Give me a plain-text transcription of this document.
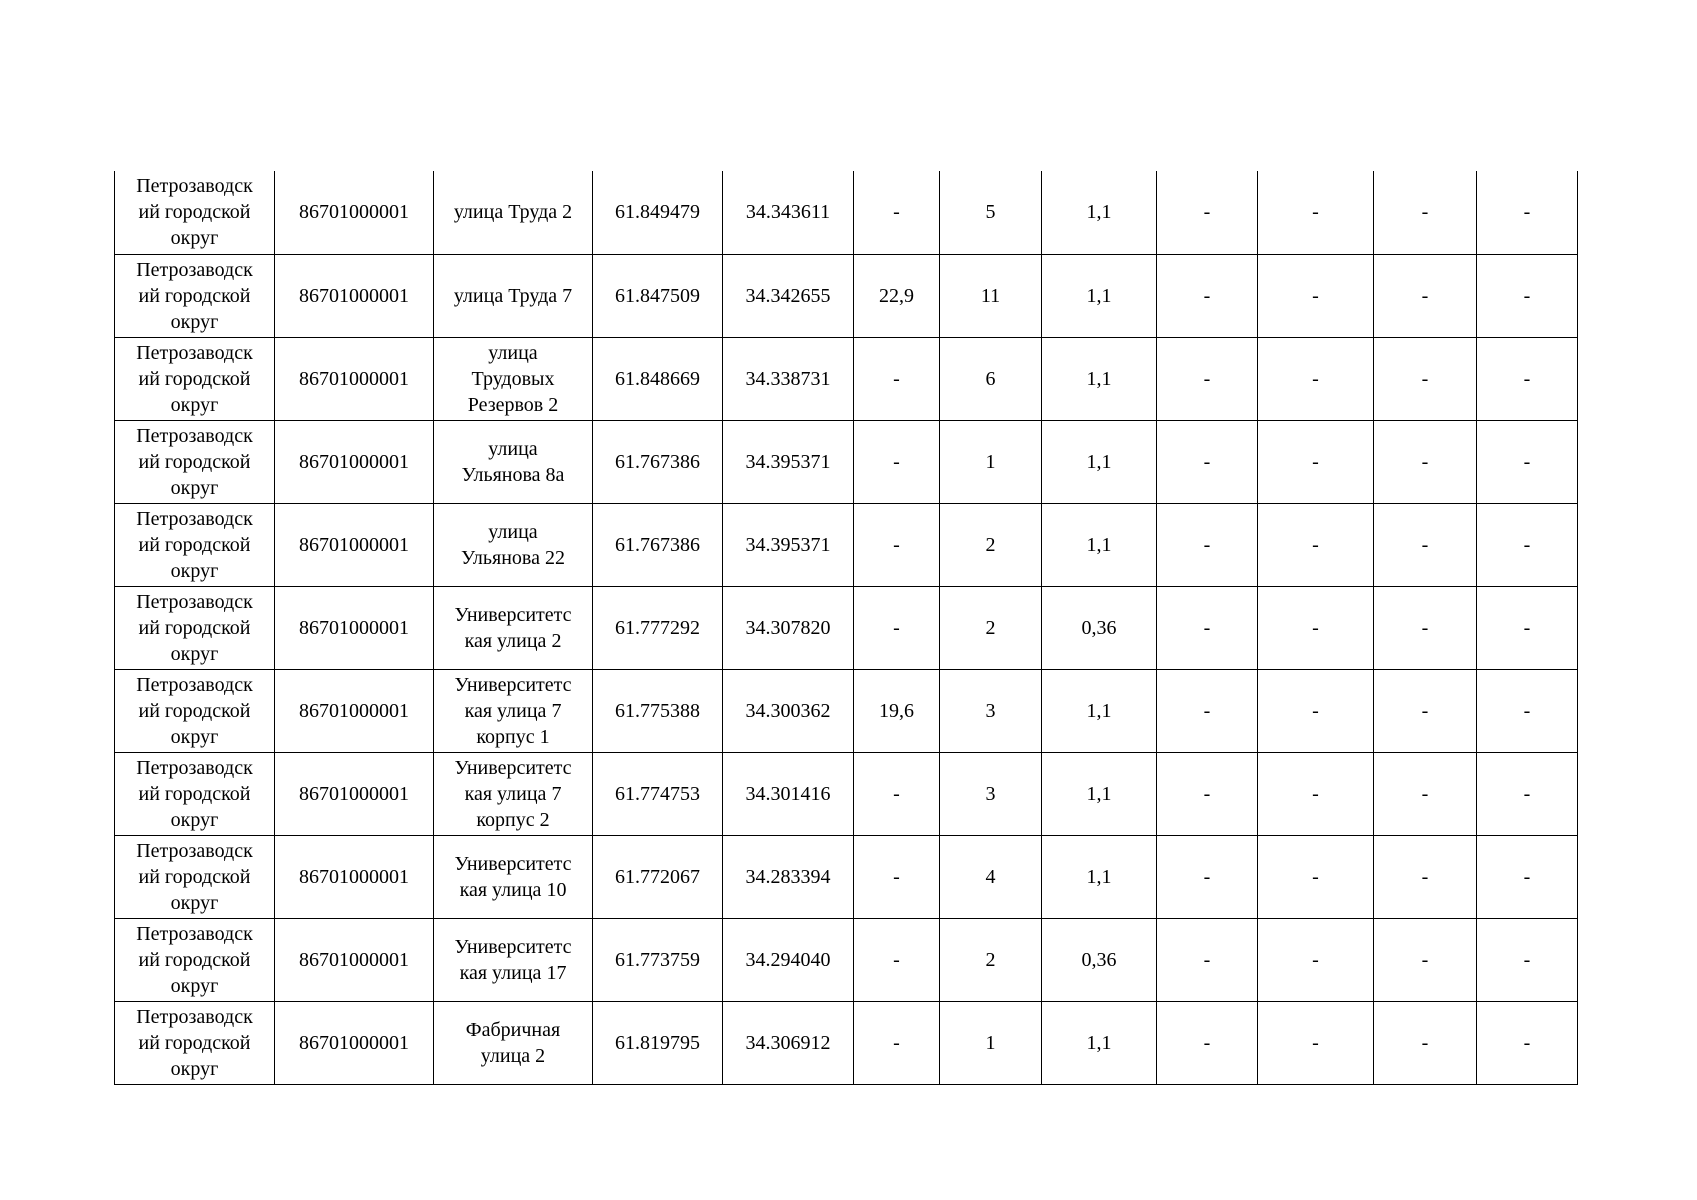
Петрозаводск
ий городской
округ	86701000001	улица Труда 2	61.849479	34.343611	-	5	1,1	-	-	-	-
Петрозаводск
ий городской
округ	86701000001	улица Труда 7	61.847509	34.342655	22,9	11	1,1	-	-	-	-
Петрозаводск
ий городской
округ	86701000001	улица
Трудовых
Резервов 2	61.848669	34.338731	-	6	1,1	-	-	-	-
Петрозаводск
ий городской
округ	86701000001	улица
Ульянова 8а	61.767386	34.395371	-	1	1,1	-	-	-	-
Петрозаводск
ий городской
округ	86701000001	улица
Ульянова 22	61.767386	34.395371	-	2	1,1	-	-	-	-
Петрозаводск
ий городской
округ	86701000001	Университетс
кая улица 2	61.777292	34.307820	-	2	0,36	-	-	-	-
Петрозаводск
ий городской
округ	86701000001	Университетс
кая улица 7
корпус 1	61.775388	34.300362	19,6	3	1,1	-	-	-	-
Петрозаводск
ий городской
округ	86701000001	Университетс
кая улица 7
корпус 2	61.774753	34.301416	-	3	1,1	-	-	-	-
Петрозаводск
ий городской
округ	86701000001	Университетс
кая улица 10	61.772067	34.283394	-	4	1,1	-	-	-	-
Петрозаводск
ий городской
округ	86701000001	Университетс
кая улица 17	61.773759	34.294040	-	2	0,36	-	-	-	-
Петрозаводск
ий городской
округ	86701000001	Фабричная
улица 2	61.819795	34.306912	-	1	1,1	-	-	-	-
